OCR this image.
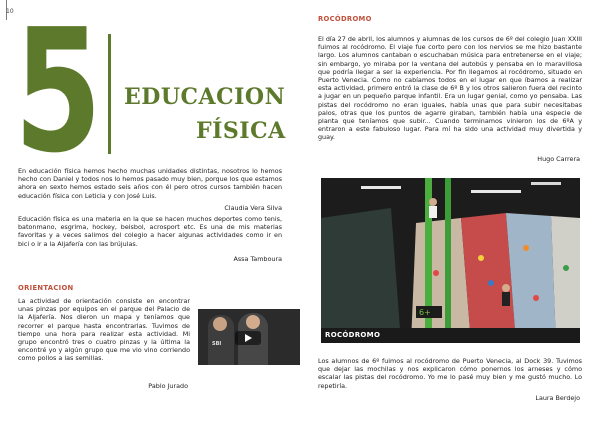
10 5 EDUCACION
FÍSICA
En educación física hemos hecho muchas unidades distintas, nosotros lo hemos hecho con Daniel y todos nos lo hemos pasado muy bien, porque los que estamos ahora en sexto hemos estado seis años con él pero otros cursos también hacen educación física con Leticia y con José Luis.
Claudia Vera Silva
Educación física es una materia en la que se hacen muchos deportes como tenis, batonmano, esgrima, hockey, beisbol, acrosport etc. Es una de mis materias favoritas y a veces salimos del colegio a hacer algunas actividades como ir en bici o ir a la Aljafería con las brújulas.
Assa Tamboura
ORIENTACION
La actividad de orientación consiste en encontrar unas pinzas por equipos en el parque del Palacio de la Aljafería. Nos dieron un mapa y teníamos que recorrer el parque hasta encontrarlas. Tuvimos de tiempo una hora para realizar esta actividad. Mi grupo encontró tres o cuatro pinzas y la última la encontré yo y algún grupo que me vio vino corriendo como pollos a las semillas.
Pablo Jurado
SBI
ROCÓDROMO
El día 27 de abril, los alumnos y alumnas de los cursos de 6º del colegio Juan XXIII fuimos al rocódromo. El viaje fue corto pero con los nervios se me hizo bastante largo. Los alumnos cantaban o escuchaban música para entretenerse en el viaje; sin embargo, yo miraba por la ventana del autobús y pensaba en lo maravillosa que podría llegar a ser la experiencia. Por fin llegamos al rocódromo, situado en Puerto Venecia. Como no cabíamos todos en el lugar en que íbamos a realizar esta actividad, primero entró la clase de 6º B y los otros salieron fuera del recinto a jugar en un pequeño parque infantil. Era un lugar genial, como yo pensaba. Las pistas del rocódromo no eran iguales, había unas que para subir necesitabas palos, otras que los puntos de agarre giraban, también había una especie de planta que teníamos que subir... Cuando terminamos vinieron los de 6ºA y entraron a este fabuloso lugar. Para mí ha sido una actividad muy divertida y guay.
Hugo Carrera
6+
ROCÓDROMO
Los alumnos de 6º fuimos al rocódromo de Puerto Venecia, al Dock 39. Tuvimos que dejar las mochilas y nos explicaron cómo ponernos los arneses y cómo escalar las pistas del rocódromo. Yo me lo pasé muy bien y me gustó mucho. Lo repetiría.
Laura Berdejo
